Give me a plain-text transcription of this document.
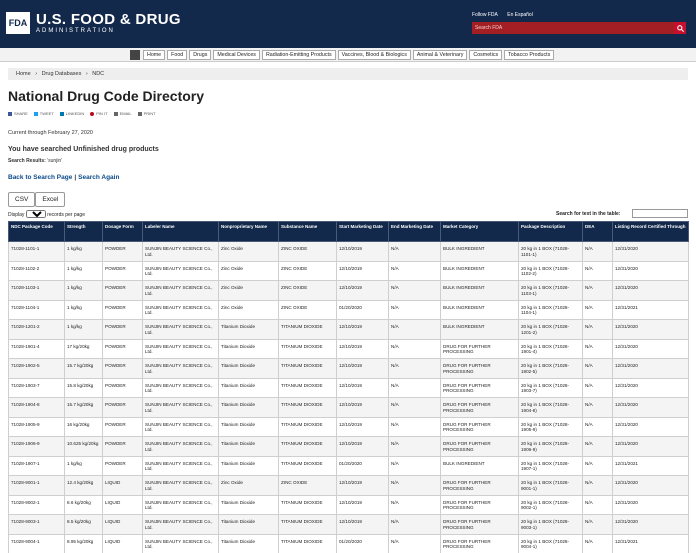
FDA U.S. FOOD & DRUG
ADMINISTRATION
Follow FDA En Español
Search FDA
Home	Food	Drugs	Medical Devices	Radiation-Emitting Products	Vaccines, Blood & Biologics	Animal & Veterinary	Cosmetics	Tobacco Products
Home › Drug Databases › NDC
National Drug Code Directory
SHARE	TWEET	LINKEDIN	PIN IT	EMAIL	PRINT
Current through February 27, 2020
You have searched Unfinished drug products
Search Results: 'sunjin'
Back to Search Page | Search Again
CSV	Excel
Display
50	records per page	Search for text in the table:
NDC Package Code	Strength	Dosage Form	Labeler Name	Nonproprietary Name	Substance Name	Start Marketing Date	End Marketing Date	Market Category	Package Description	DEA	Listing Record Certified Through
71028-1101-1	1 kg/kg	POWDER	SUNJIN BEAUTY SCIENCE Co., Ltd.	Zinc Oxide	ZINC OXIDE	12/10/2019	N/A	BULK INGREDIENT	20 kg in 1 BOX (71028-1101-1)	N/A	12/31/2020
71028-1102-2	1 kg/kg	POWDER	SUNJIN BEAUTY SCIENCE Co., Ltd.	Zinc Oxide	ZINC OXIDE	12/10/2019	N/A	BULK INGREDIENT	20 kg in 1 BOX (71028-1102-2)	N/A	12/31/2020
71028-1103-1	1 kg/kg	POWDER	SUNJIN BEAUTY SCIENCE Co., Ltd.	Zinc Oxide	ZINC OXIDE	12/10/2019	N/A	BULK INGREDIENT	20 kg in 1 BOX (71028-1103-1)	N/A	12/31/2020
71028-1104-1	1 kg/kg	POWDER	SUNJIN BEAUTY SCIENCE Co., Ltd.	Zinc Oxide	ZINC OXIDE	01/20/2020	N/A	BULK INGREDIENT	20 kg in 1 BOX (71028-1104-1)	N/A	12/31/2021
71028-1201-2	1 kg/kg	POWDER	SUNJIN BEAUTY SCIENCE Co., Ltd.	Titanium Dioxide	TITANIUM DIOXIDE	12/10/2019	N/A	BULK INGREDIENT	20 kg in 1 BOX (71028-1201-2)	N/A	12/31/2020
71028-1901-4	17 kg/20kg	POWDER	SUNJIN BEAUTY SCIENCE Co., Ltd.	Titanium Dioxide	TITANIUM DIOXIDE	12/10/2019	N/A	DRUG FOR FURTHER PROCESSING	20 kg in 1 BOX (71028-1901-4)	N/A	12/31/2020
71028-1902-5	15.7 kg/20kg	POWDER	SUNJIN BEAUTY SCIENCE Co., Ltd.	Titanium Dioxide	TITANIUM DIOXIDE	12/10/2019	N/A	DRUG FOR FURTHER PROCESSING	20 kg in 1 BOX (71028-1902-5)	N/A	12/31/2020
71028-1903-7	15.8 kg/20kg	POWDER	SUNJIN BEAUTY SCIENCE Co., Ltd.	Titanium Dioxide	TITANIUM DIOXIDE	12/10/2019	N/A	DRUG FOR FURTHER PROCESSING	20 kg in 1 BOX (71028-1903-7)	N/A	12/31/2020
71028-1904-8	15.7 kg/20kg	POWDER	SUNJIN BEAUTY SCIENCE Co., Ltd.	Titanium Dioxide	TITANIUM DIOXIDE	12/10/2019	N/A	DRUG FOR FURTHER PROCESSING	20 kg in 1 BOX (71028-1904-8)	N/A	12/31/2020
71028-1905-9	16 kg/20kg	POWDER	SUNJIN BEAUTY SCIENCE Co., Ltd.	Titanium Dioxide	TITANIUM DIOXIDE	12/10/2019	N/A	DRUG FOR FURTHER PROCESSING	20 kg in 1 BOX (71028-1905-9)	N/A	12/31/2020
71028-1906-9	10.625 kg/20kg	POWDER	SUNJIN BEAUTY SCIENCE Co., Ltd.	Titanium Dioxide	TITANIUM DIOXIDE	12/10/2019	N/A	DRUG FOR FURTHER PROCESSING	20 kg in 1 BOX (71028-1906-9)	N/A	12/31/2020
71028-1907-1	1 kg/kg	POWDER	SUNJIN BEAUTY SCIENCE Co., Ltd.	Titanium Dioxide	TITANIUM DIOXIDE	01/20/2020	N/A	BULK INGREDIENT	20 kg in 1 BOX (71028-1907-1)	N/A	12/31/2021
71028-9001-1	12.4 kg/20kg	LIQUID	SUNJIN BEAUTY SCIENCE Co., Ltd.	Zinc Oxide	ZINC OXIDE	12/10/2019	N/A	DRUG FOR FURTHER PROCESSING	20 kg in 1 BOX (71028-9001-1)	N/A	12/31/2020
71028-9002-1	8.6 kg/20kg	LIQUID	SUNJIN BEAUTY SCIENCE Co., Ltd.	Titanium Dioxide	TITANIUM DIOXIDE	12/10/2019	N/A	DRUG FOR FURTHER PROCESSING	20 kg in 1 BOX (71028-9002-1)	N/A	12/31/2020
71028-9003-1	8.5 kg/20kg	LIQUID	SUNJIN BEAUTY SCIENCE Co., Ltd.	Titanium Dioxide	TITANIUM DIOXIDE	12/10/2019	N/A	DRUG FOR FURTHER PROCESSING	20 kg in 1 BOX (71028-9003-1)	N/A	12/31/2020
71028-9004-1	8.95 kg/20kg	LIQUID	SUNJIN BEAUTY SCIENCE Co., Ltd.	Titanium Dioxide	TITANIUM DIOXIDE	01/20/2020	N/A	DRUG FOR FURTHER PROCESSING	20 kg in 1 BOX (71028-9004-1)	N/A	12/31/2021
